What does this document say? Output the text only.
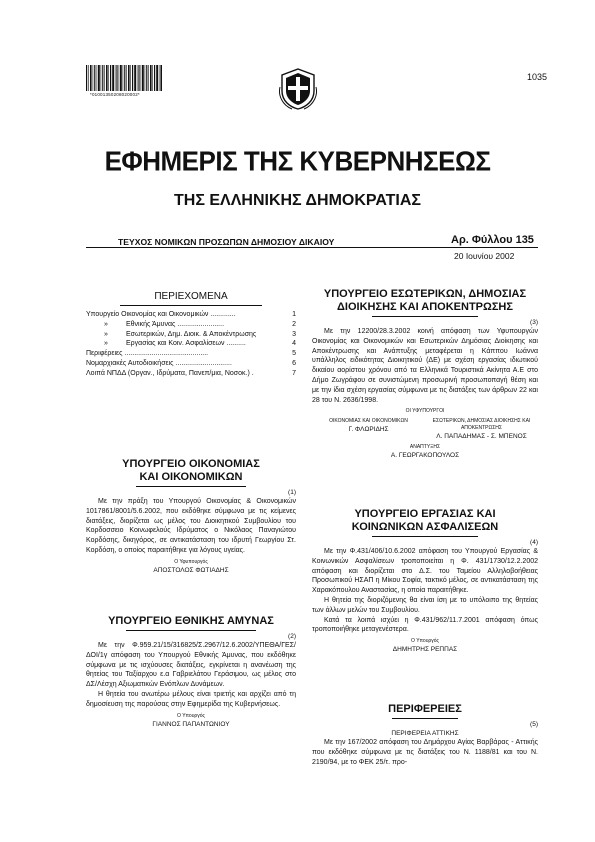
*01001350208020002*
1035
ΕΦΗΜΕΡΙΣ ΤΗΣ ΚΥΒΕΡΝΗΣΕΩΣ
ΤΗΣ ΕΛΛΗΝΙΚΗΣ ΔΗΜΟΚΡΑΤΙΑΣ
ΤΕΥΧΟΣ ΝΟΜΙΚΩΝ ΠΡΟΣΩΠΩΝ ΔΗΜΟΣΙΟΥ ΔΙΚΑΙΟΥ	Αρ. Φύλλου 135
20 Ιουνίου 2002
ΠΕΡΙΕΧΟΜΕΝΑ
Υπουργείο Οικονομίας και Οικονομικών .............	1
»	Εθνικής Άμυνας ........................	2
»	Εσωτερικών, Δημ. Διοικ. & Αποκέντρωσης	3
»	Εργασίας και Κοιν. Ασφαλίσεων ..........	4
Περιφέρειες ...........................................	5
Νομαρχιακές Αυτοδιοικήσεις .............................	6
Λοιπά ΝΠΔΔ (Οργαν., Ιδρύματα, Πανεπ/μια, Νοσοκ.) .	7
ΥΠΟΥΡΓΕΙΟ ΟΙΚΟΝΟΜΙΑΣ
ΚΑΙ ΟΙΚΟΝΟΜΙΚΩΝ
(1)

Με την πράξη του Υπουργού Οικονομίας & Οικονομικών 1017861/8001/5.6.2002, που εκδόθηκε σύμφωνα με τις κείμενες διατάξεις, διορίζεται ως μέλος του Διοικητικού Συμβουλίου του Κορδοσσειο Κοινωφελούς Ιδρύματος ο Νικόλαος Παναγιώτου Κορδόσης, δικηγόρος, σε αντικατάσταση του ιδρυτή Γεωργίου Στ. Κορδόση, ο οποίος παραιτήθηκε για λόγους υγείας.

Ο Υφυπουργός
ΑΠΟΣΤΟΛΟΣ ΦΩΤΙΑΔΗΣ
ΥΠΟΥΡΓΕΙΟ ΕΘΝΙΚΗΣ ΑΜΥΝΑΣ
(2)

Με την Φ.959.21/15/316825/Σ.2967/12.6.2002/ΥΠΕΘΑ/ΓΕΣ/ΔΟΙ/1γ απόφαση του Υπουργού Εθνικής Άμυνας, που εκδόθηκε σύμφωνα με τις ισχύουσες διατάξεις, εγκρίνεται η ανανέωση της θητείας του Ταξίαρχου ε.α Γαβριελάτου Γεράσιμου, ως μέλος στο ΔΣ/Λέσχη Αξιωματικών Ενόπλων Δυνάμεων.

Η θητεία του ανωτέρω μέλους είναι τριετής και αρχίζει από τη δημοσίευση της παρούσας στην Εφημερίδα της Κυβερνήσεως.

Ο Υπουργός
ΓΙΑΝΝΟΣ ΠΑΠΑΝΤΩΝΙΟΥ
ΥΠΟΥΡΓΕΙΟ ΕΣΩΤΕΡΙΚΩΝ, ΔΗΜΟΣΙΑΣ
ΔΙΟΙΚΗΣΗΣ ΚΑΙ ΑΠΟΚΕΝΤΡΩΣΗΣ
(3)

Με την 12200/28.3.2002 κοινή απόφαση των Υφυπουργών Οικονομίας και Οικονομικών και Εσωτερικών Δημόσιας Διοίκησης και Αποκέντρωσης και Ανάπτυξης μεταφέρεται η Κάππου Ιωάννα υπάλληλος ειδικότητας Διοικητικού (ΔΕ) με σχέση εργασίας ιδιωτικού δικαίου αορίστου χρόνου από τα Ελληνικά Τουριστικά Ακίνητα Α.Ε στο Δήμο Ζωγράφου σε συνιστώμενη προσωρινή προσωποπαγή θέση και με την ίδια σχέση εργασίας σύμφωνα με τις διατάξεις των άρθρων 22 και 28 του Ν. 2636/1998.

ΟΙ ΥΦΥΠΟΥΡΓΟΙ
ΟΙΚΟΝΟΜΙΑΣ ΚΑΙ ΟΙΚΟΝΟΜΙΚΩΝ
Γ. ΦΛΩΡΙΔΗΣ
ΕΣΩΤΕΡΙΚΩΝ, ΔΗΜΟΣΙΑΣ ΔΙΟΙΚΗΣΗΣ ΚΑΙ ΑΠΟΚΕΝΤΡΩΣΗΣ
Λ. ΠΑΠΑΔΗΜΑΣ - Σ. ΜΠΕΝΟΣ
ΑΝΑΠΤΥΞΗΣ
Α. ΓΕΩΡΓΑΚΟΠΟΥΛΟΣ
ΥΠΟΥΡΓΕΙΟ ΕΡΓΑΣΙΑΣ ΚΑΙ
ΚΟΙΝΩΝΙΚΩΝ ΑΣΦΑΛΙΣΕΩΝ
(4)

Με την Φ.431/406/10.6.2002 απόφαση του Υπουργού Εργασίας & Κοινωνικών Ασφαλίσεων τροποποιείται η Φ. 431/1730/12.2.2002 απόφαση και διορίζεται στο Δ.Σ. του Ταμείου Αλληλοβοήθειας Προσωπικού ΗΣΑΠ η Μίκου Σοφία, τακτικό μέλος, σε αντικατάσταση της Χαρακόπουλου Αναστασίας, η οποία παραιτήθηκε.

Η θητεία της διοριζόμενης θα είναι ίση με το υπόλοιπο της θητείας των άλλων μελών του Συμβουλίου.

Κατά τα λοιπά ισχύει η Φ.431/962/11.7.2001 απόφαση όπως τροποποιήθηκε μεταγενέστερα.

Ο Υπουργός
ΔΗΜΗΤΡΗΣ ΡΕΠΠΑΣ
ΠΕΡΙΦΕΡΕΙΕΣ
(5)
ΠΕΡΙΦΕΡΕΙΑ ΑΤΤΙΚΗΣ

Με την 167/2002 απόφαση του Δημάρχου Αγίας Βαρβάρας - Αττικής που εκδόθηκε σύμφωνα με τις διατάξεις του Ν. 1188/81 και του Ν. 2190/94, με το ΦΕΚ 25/τ. προ-
